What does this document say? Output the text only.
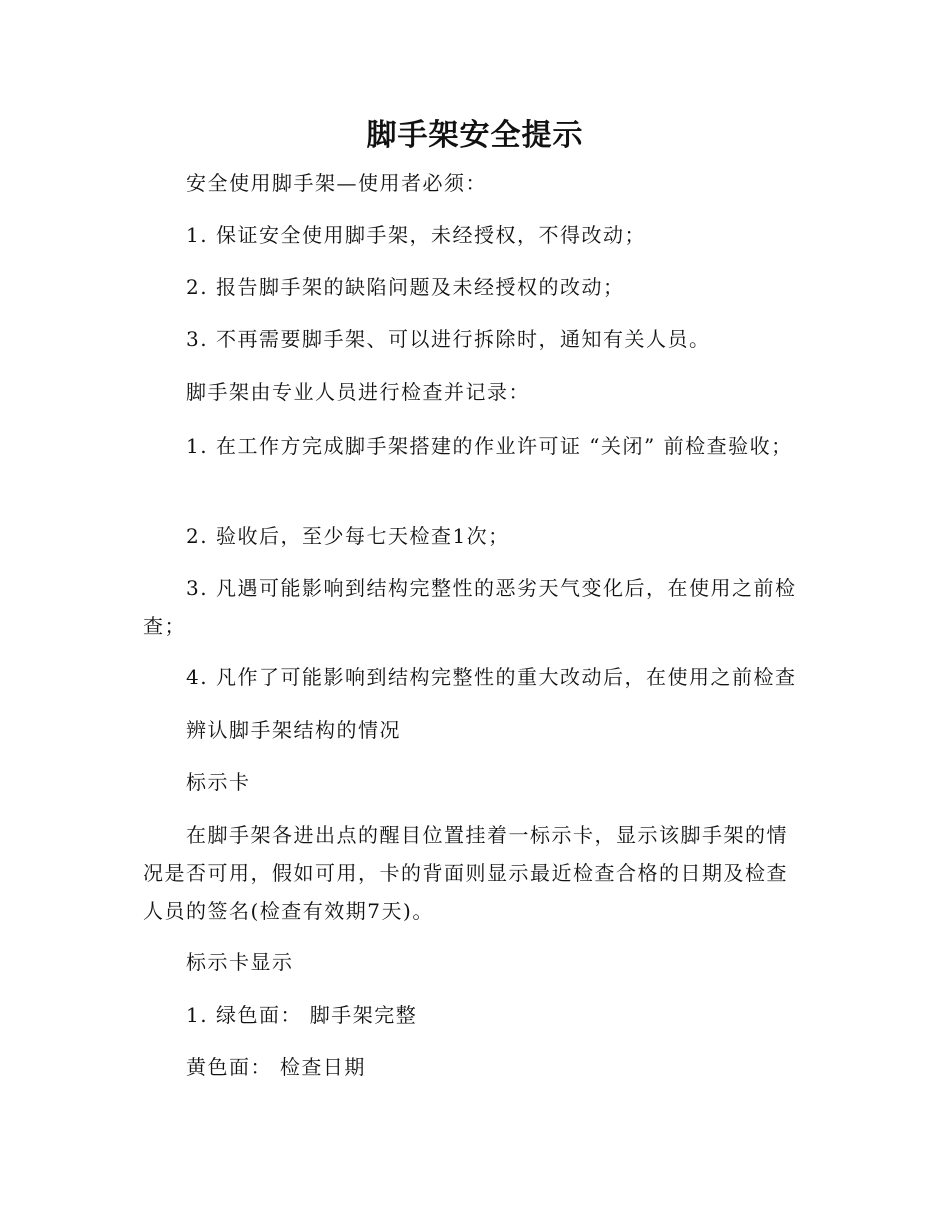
脚手架安全提示

安全使用脚手架—使用者必须：

1. 保证安全使用脚手架，未经授权，不得改动；

2. 报告脚手架的缺陷问题及未经授权的改动；

3. 不再需要脚手架、可以进行拆除时，通知有关人员。

脚手架由专业人员进行检查并记录：

1. 在工作方完成脚手架搭建的作业许可证 “关闭” 前检查验收；

2. 验收后，至少每七天检查1次；

3. 凡遇可能影响到结构完整性的恶劣天气变化后，在使用之前检查；

4. 凡作了可能影响到结构完整性的重大改动后，在使用之前检查

辨认脚手架结构的情况

标示卡

在脚手架各进出点的醒目位置挂着一标示卡，显示该脚手架的情况是否可用，假如可用，卡的背面则显示最近检查合格的日期及检查人员的签名(检查有效期7天)。

标示卡显示

1. 绿色面： 脚手架完整

黄色面： 检查日期
